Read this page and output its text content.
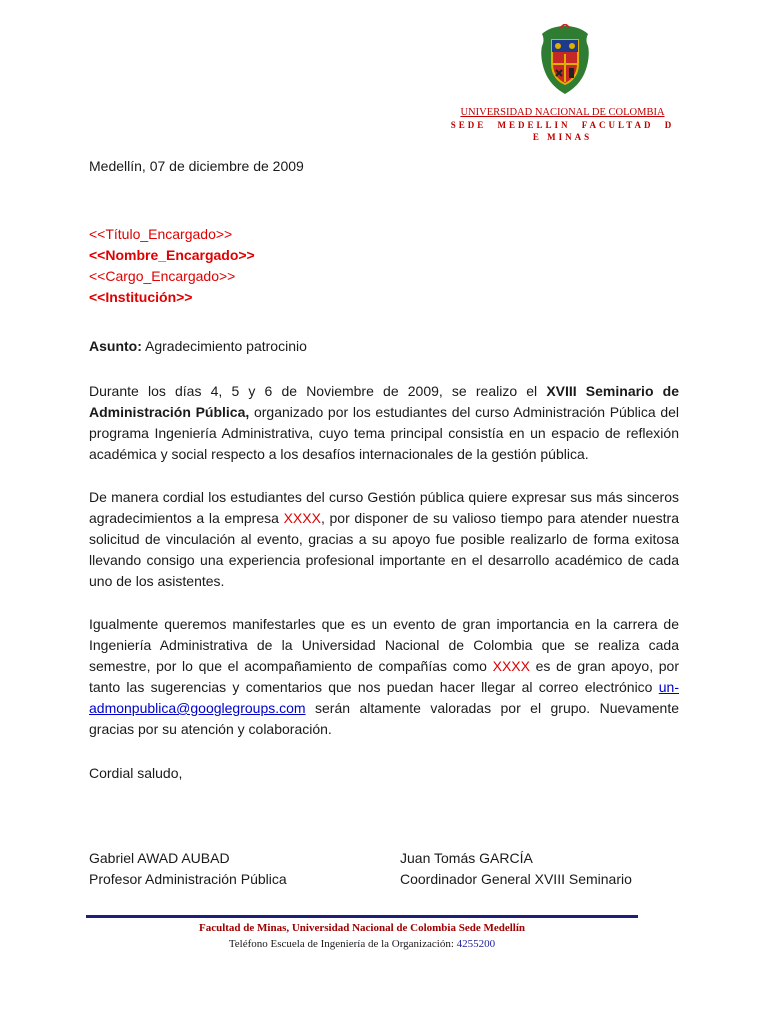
UNIVERSIDAD NACIONAL DE COLOMBIA
SEDE MEDELLIN FACULTAD D
E MINAS
Medellín, 07 de diciembre de 2009
<<Título_Encargado>>
<<Nombre_Encargado>>
<<Cargo_Encargado>>
<<Institución>>
Asunto: Agradecimiento patrocinio
Durante los días 4, 5 y 6 de Noviembre de 2009, se realizo el XVIII Seminario de Administración Pública, organizado por los estudiantes del curso Administración Pública del programa Ingeniería Administrativa, cuyo tema principal consistía en un espacio de reflexión académica y social respecto a los desafíos internacionales de la gestión pública.
De manera cordial los estudiantes del curso Gestión pública quiere expresar sus más sinceros agradecimientos a la empresa XXXX, por disponer de su valioso tiempo para atender nuestra solicitud de vinculación al evento, gracias a su apoyo fue posible realizarlo de forma exitosa llevando consigo una experiencia profesional importante en el desarrollo académico de cada uno de los asistentes.
Igualmente queremos manifestarles que es un evento de gran importancia en la carrera de Ingeniería Administrativa de la Universidad Nacional de Colombia que se realiza cada semestre, por lo que el acompañamiento de compañías como XXXX es de gran apoyo, por tanto las sugerencias y comentarios que nos puedan hacer llegar al correo electrónico un-admonpublica@googlegroups.com serán altamente valoradas por el grupo. Nuevamente gracias por su atención y colaboración.
Cordial saludo,
Gabriel AWAD AUBAD
Profesor Administración Pública
Juan Tomás GARCÍA
Coordinador General XVIII Seminario
Facultad de Minas, Universidad Nacional de Colombia Sede Medellín
Teléfono Escuela de Ingeniería de la Organización: 4255200
